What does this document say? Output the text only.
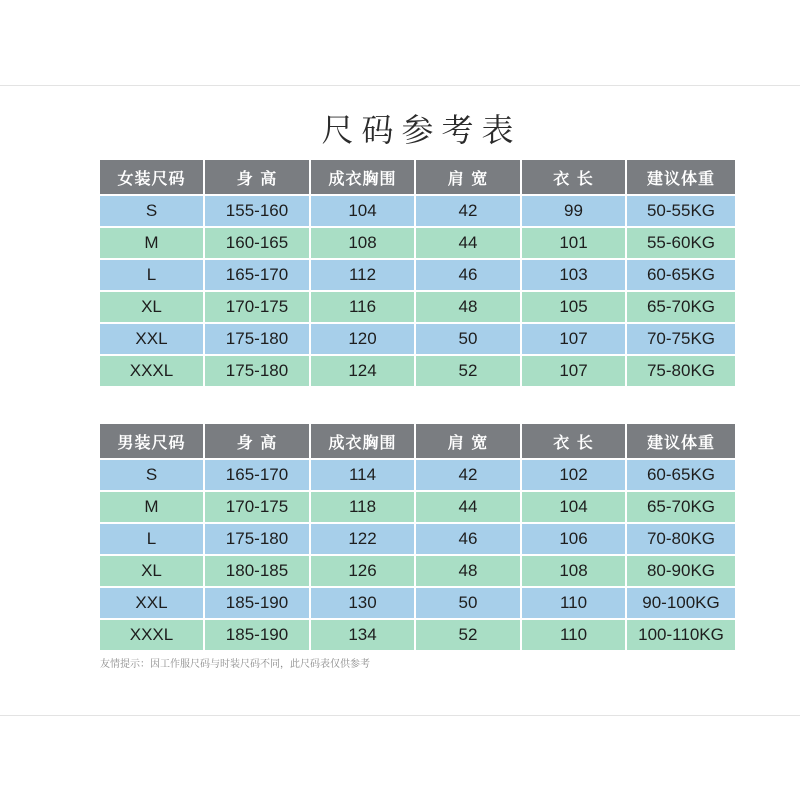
尺码参考表
女装尺码	身 高	成衣胸围	肩 宽	衣 长	建议体重
S	155-160	104	42	99	50-55KG
M	160-165	108	44	101	55-60KG
L	165-170	112	46	103	60-65KG
XL	170-175	116	48	105	65-70KG
XXL	175-180	120	50	107	70-75KG
XXXL	175-180	124	52	107	75-80KG
男装尺码	身 高	成衣胸围	肩 宽	衣 长	建议体重
S	165-170	114	42	102	60-65KG
M	170-175	118	44	104	65-70KG
L	175-180	122	46	106	70-80KG
XL	180-185	126	48	108	80-90KG
XXL	185-190	130	50	110	90-100KG
XXXL	185-190	134	52	110	100-110KG
友情提示：因工作服尺码与时装尺码不同，此尺码表仅供参考
